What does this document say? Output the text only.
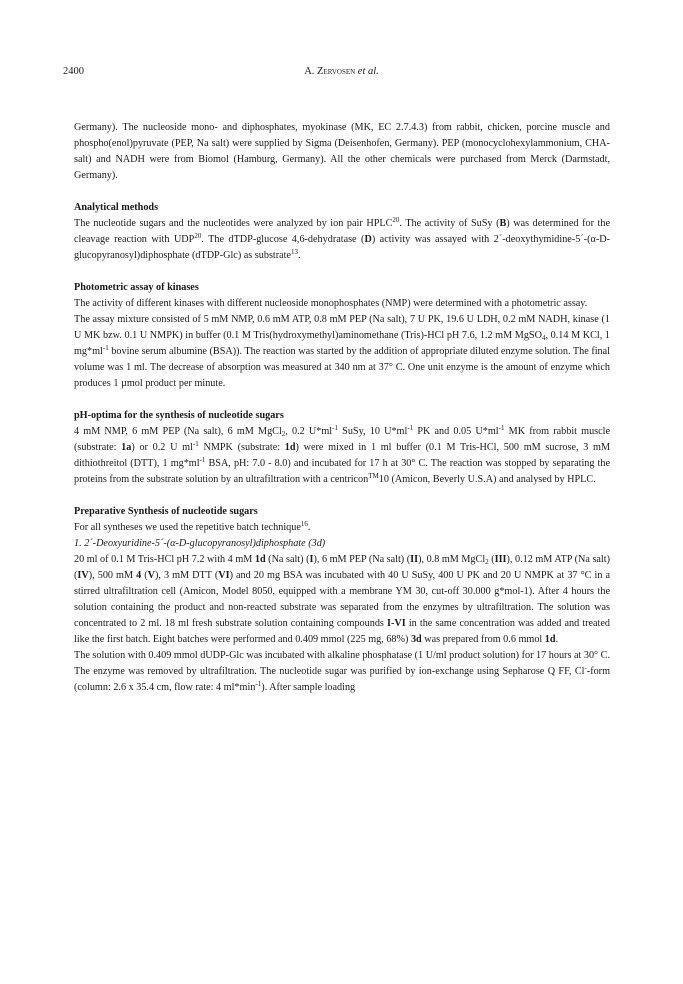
2400	A. Zervosen et al.

Germany). The nucleoside mono- and diphosphates, myokinase (MK, EC 2.7.4.3) from rabbit, chicken, porcine muscle and phospho(enol)pyruvate (PEP, Na salt) were supplied by Sigma (Deisenhofen, Germany). PEP (monocyclohexylammonium, CHA-salt) and NADH were from Biomol (Hamburg, Germany). All the other chemicals were purchased from Merck (Darmstadt, Germany).

Analytical methods

The nucleotide sugars and the nucleotides were analyzed by ion pair HPLC$^{20}$. The activity of SuSy (B) was determined for the cleavage reaction with UDP$^{20}$. The dTDP-glucose 4,6-dehydratase (D) activity was assayed with 2´-deoxythymidine-5´-(α-D-glucopyranosyl)diphosphate (dTDP-Glc) as substrate$^{13}$.

Photometric assay of kinases

The activity of different kinases with different nucleoside monophosphates (NMP) were determined with a photometric assay.

The assay mixture consisted of 5 mM NMP, 0.6 mM ATP, 0.8 mM PEP (Na salt), 7 U PK, 19.6 U LDH, 0.2 mM NADH, kinase (1 U MK bzw. 0.1 U NMPK) in buffer (0.1 M Tris(hydroxymethyl)aminomethane (Tris)-HCl pH 7.6, 1.2 mM MgSO$_4$, 0.14 M KCl, 1 $mg*ml^{-1}$ bovine serum albumine (BSA)). The reaction was started by the addition of appropriate diluted enzyme solution. The final volume was 1 ml. The decrease of absorption was measured at 340 nm at 37° C. One unit enzyme is the amount of enzyme which produces 1 µmol product per minute.

pH-optima for the synthesis of nucleotide sugars

4 mM NMP, 6 mM PEP (Na salt), 6 mM MgCl$_2$, 0.2 $U*ml^{-1}$ SuSy, 10 $U*ml^{-1}$ PK and 0.05 $U*ml^{-1}$ MK from rabbit muscle (substrate: 1a) or 0.2 U $ml^{-1}$ NMPK (substrate: 1d) were mixed in 1 ml buffer (0.1 M Tris-HCl, 500 mM sucrose, 3 mM dithiothreitol (DTT), 1 $mg*ml^{-1}$ BSA, pH: 7.0 - 8.0) and incubated for 17 h at 30° C. The reaction was stopped by separating the proteins from the substrate solution by an ultrafiltration with a centricon™10 (Amicon, Beverly U.S.A) and analysed by HPLC.

Preparative Synthesis of nucleotide sugars

For all syntheses we used the repetitive batch technique$^{16}$.

1. 2´-Deoxyuridine-5´-(α-D-glucopyranosyl)diphosphate (3d)

20 ml of 0.1 M Tris-HCl pH 7.2 with 4 mM 1d (Na salt) (I), 6 mM PEP (Na salt) (II), 0.8 mM MgCl$_2$ (III), 0.12 mM ATP (Na salt) (IV), 500 mM 4 (V), 3 mM DTT (VI) and 20 mg BSA was incubated with 40 U SuSy, 400 U PK and 20 U NMPK at 37 °C in a stirred ultrafiltration cell (Amicon, Model 8050, equipped with a membrane YM 30, cut-off 30.000 g*mol-1). After 4 hours the solution containing the product and non-reacted substrate was separated from the enzymes by ultrafiltration. The solution was concentrated to 2 ml. 18 ml fresh substrate solution containing compounds I-VI in the same concentration was added and treated like the first batch. Eight batches were performed and 0.409 mmol (225 mg, 68%) 3d was prepared from 0.6 mmol 1d.

The solution with 0.409 mmol dUDP-Glc was incubated with alkaline phosphatase (1 U/ml product solution) for 17 hours at 30° C. The enzyme was removed by ultrafiltration. The nucleotide sugar was purified by ion-exchange using Sepharose Q FF, Cl--form (column: 2.6 x 35.4 cm, flow rate: 4 $ml*\min^{-1}$). After sample loading
